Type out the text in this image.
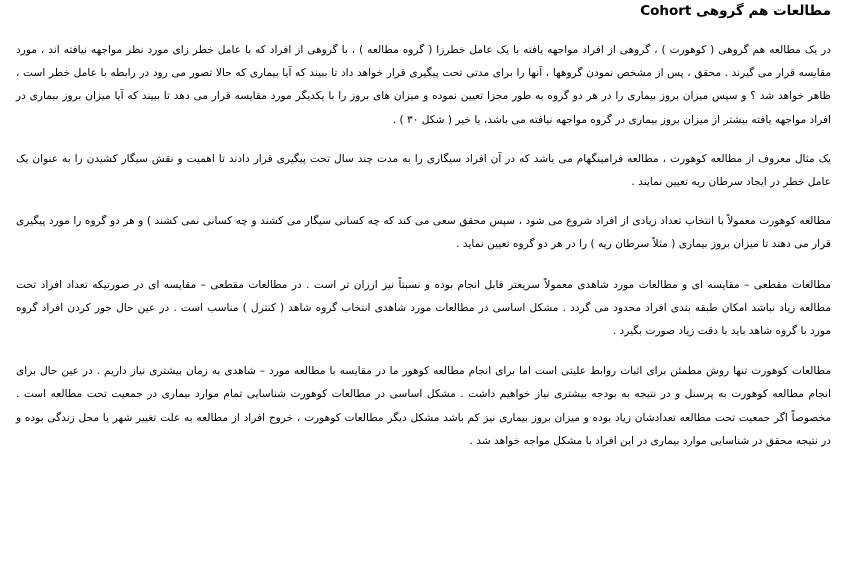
مطالعات هم گروهی Cohort

در یک مطالعه هم گروهی ( کوهورت ) ، گروهی از افراد مواجهه یافته با یک عامل خطرزا ( گروه مطالعه ) ، با گروهی از افراد که با عامل خطر زای مورد نظر مواجهه نیافته اند ، مورد مقایسه قرار می گیرند . محقق ، پس از مشخص نمودن گروهها ، آنها را برای مدتی تحت پیگیری قرار خواهد داد تا ببیند که آیا بیماری که حالا تصور می رود در رابطه با عامل خطر است ، ظاهر خواهد شد ؟ و سپس میزان بروز بیماری را در هر دو گروه به طور مجزا تعیین نموده و میزان های بروز را با یکدیگر مورد مقایسه قرار می دهد تا ببیند که آیا میزان بروز بیماری در افراد مواجهه یافته بیشتر از میزان بروز بیماری در گروه مواجهه نیافته می باشد، یا خیر ( شکل ۳۰ ) .

یک مثال معروف از مطالعه کوهورت ، مطالعه فرامینگهام می باشد که در آن افراد سیگاری را به مدت چند سال تحت پیگیری قرار دادند تا اهمیت و نقش سیگار کشیدن را به عنوان یک عامل خطر در ایجاد سرطان ریه تعیین نمایند .

مطالعه کوهورت معمولاً با انتخاب تعداد زیادی از افراد شروع می شود ، سپس محقق سعی می کند که چه کسانی سیگار می کشند و چه کسانی نمی کشند ) و هر دو گروه را مورد پیگیری قرار می دهند تا میزان بروز بیماری ( مثلاً سرطان ریه ) را در هر دو گروه تعیین نماید .

مطالعات مقطعی – مقایسه ای و مطالعات مورد شاهدی معمولاً سریعتر قابل انجام بوده و نسبتاً نیز ارزان تر است . در مطالعات مقطعی – مقایسه ای در صورتیکه تعداد افراد تحت مطالعه زیاد نباشد امکان طبقه بندی افراد محدود می گردد . مشکل اساسی در مطالعات مورد شاهدی انتخاب گروه شاهد ( کنترل ) مناسب است . در عین حال جور کردن افراد گروه مورد با گروه شاهد باید با دقت زیاد صورت بگیرد .

مطالعات کوهورت تنها روش مطمئن برای اثبات روابط علیتی است اما برای انجام مطالعه کوهور ما در مقایسه با مطالعه مورد – شاهدی به زمان بیشتری نیاز داریم . در عین حال برای انجام مطالعه کوهورت به پرسنل و در نتیجه به بودجه بیشتری نیاز خواهیم داشت . مشکل اساسی در مطالعات کوهورت شناسایی تمام موارد بیماری در جمعیت تحت مطالعه است . مخصوصاً اگر جمعیت تحت مطالعه تعدادشان زیاد بوده و میزان بروز بیماری نیز کم باشد مشکل دیگر مطالعات کوهورت ، خروج افراد از مطالعه به علت تغییر شهر یا محل زندگی بوده و در نتیجه محقق در شناسایی موارد بیماری در این افراد با مشکل مواجه خواهد شد .
